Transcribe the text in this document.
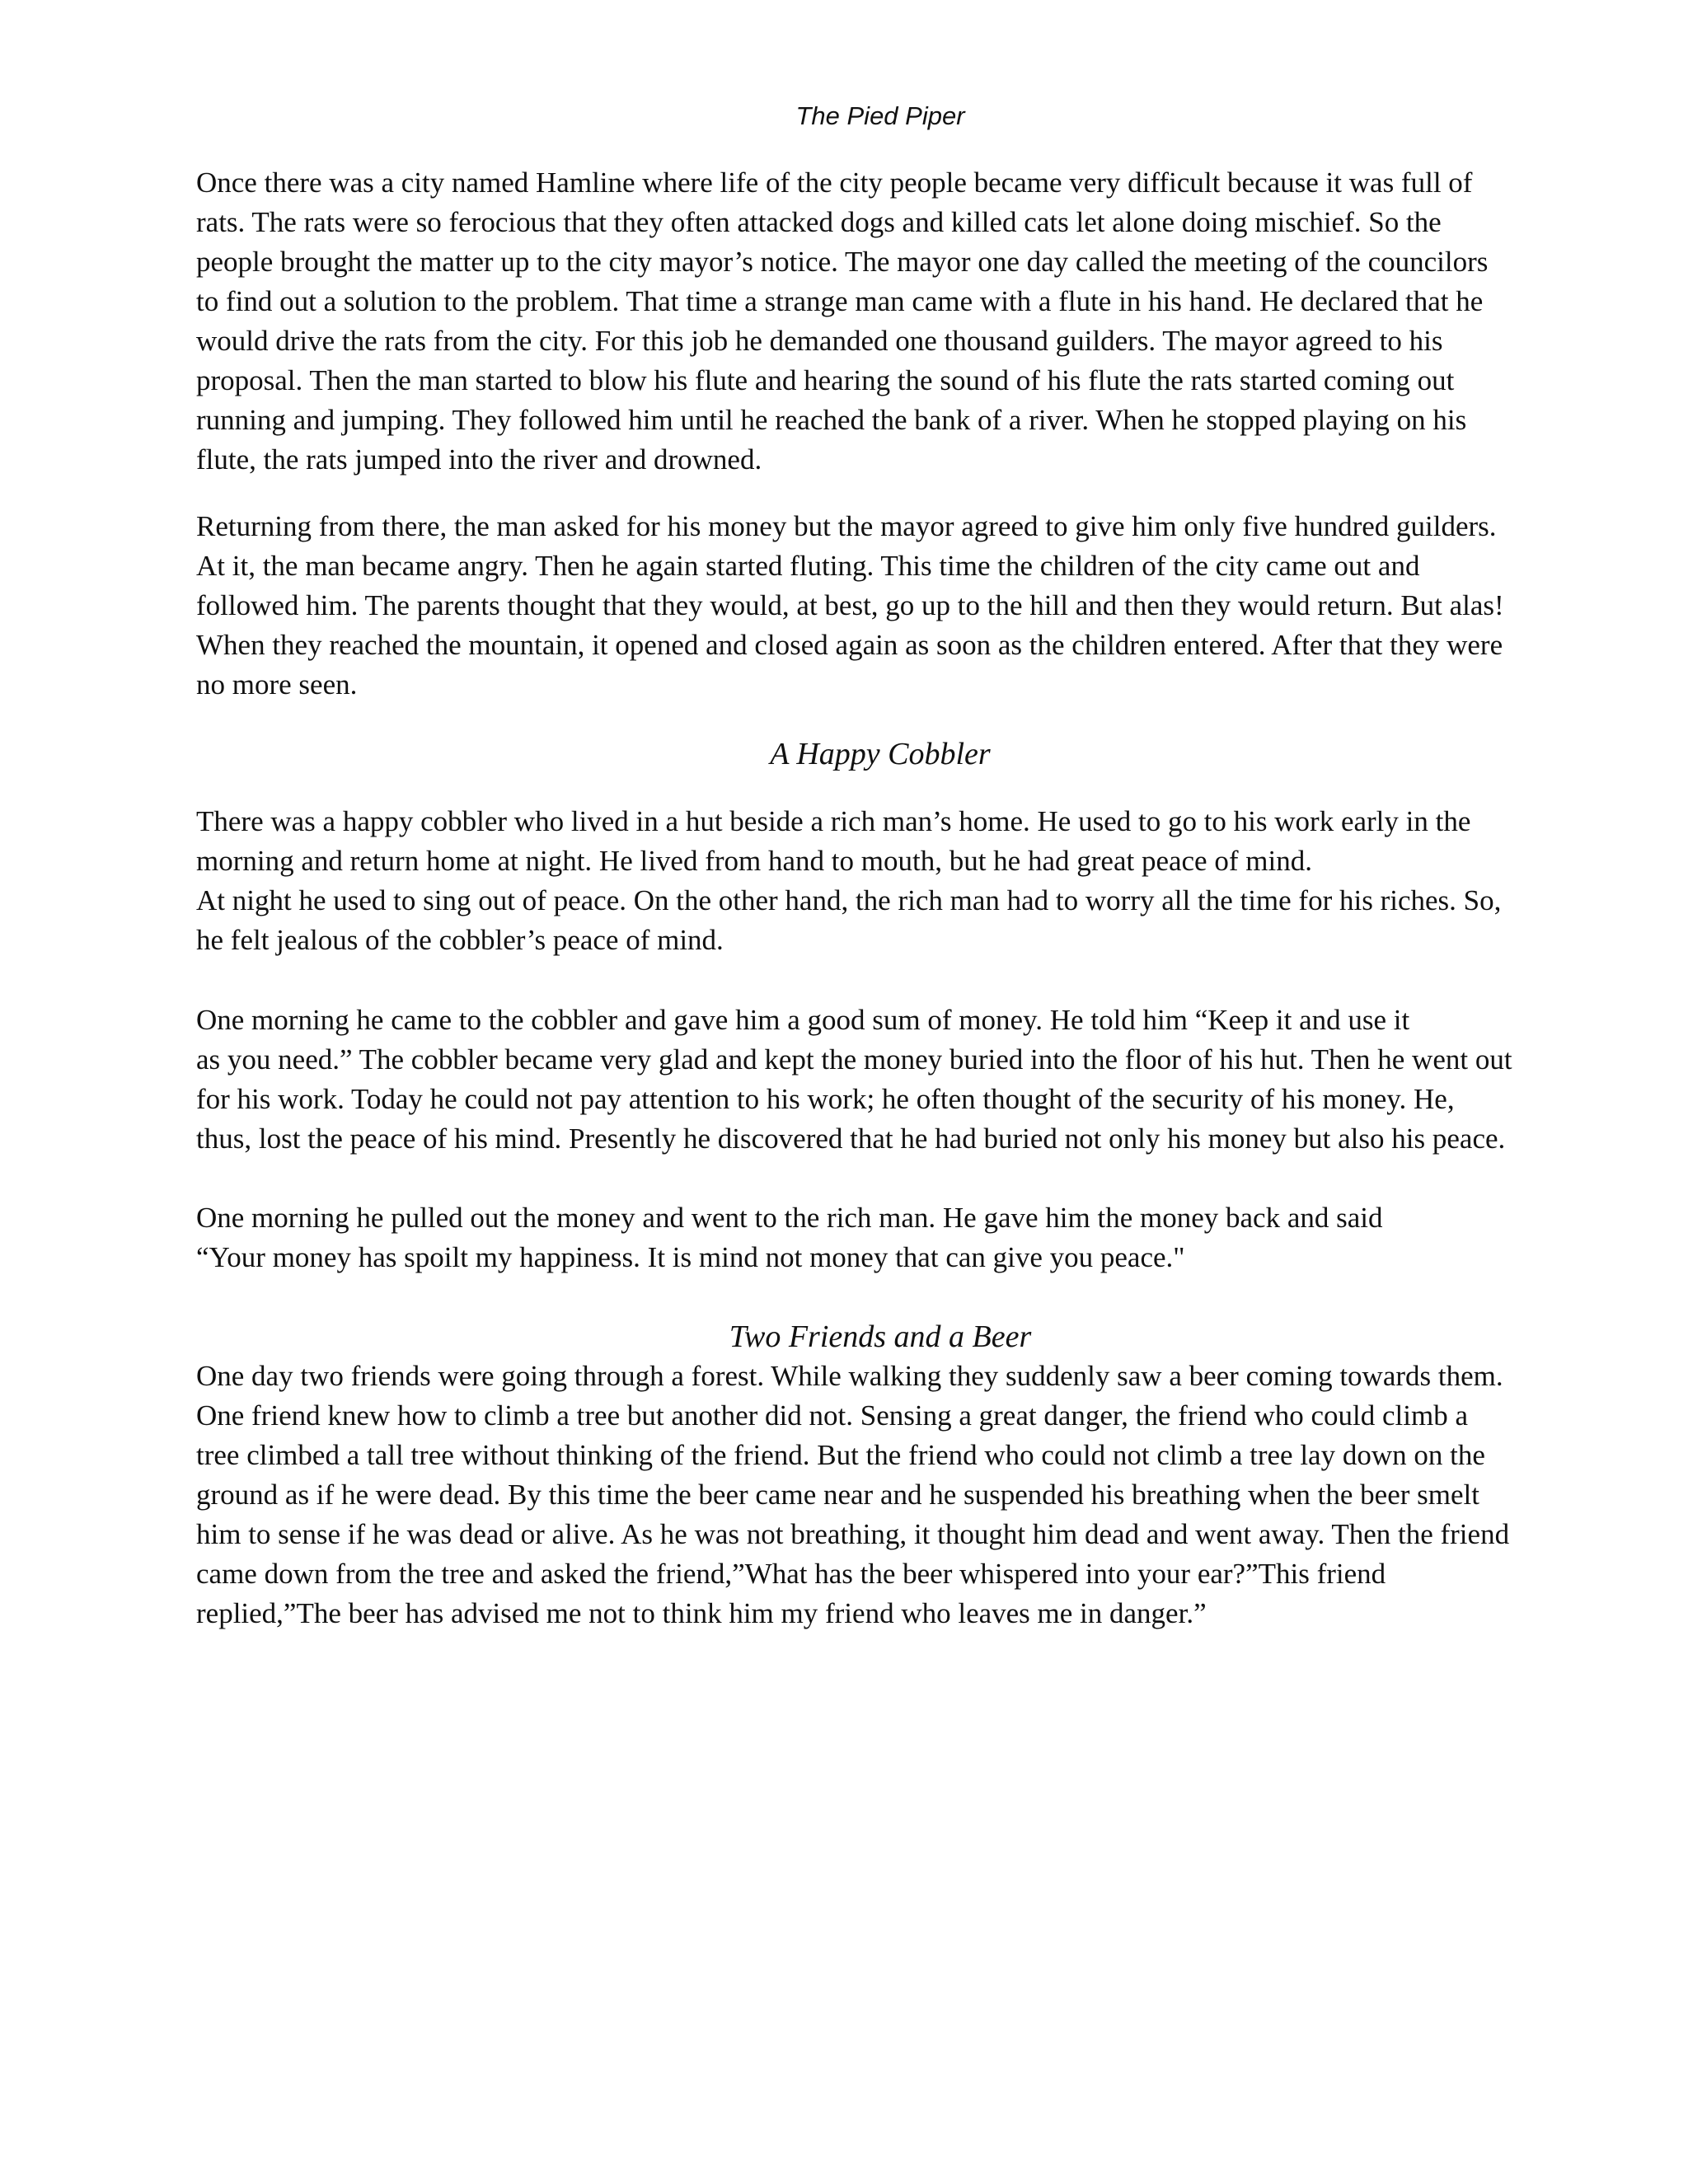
The Pied Piper
Once there was a city named Hamline where life of the city people became very difficult because it was full of
rats. The rats were so ferocious that they often attacked dogs and killed cats let alone doing mischief. So the
people brought the matter up to the city mayor’s notice. The mayor one day called the meeting of the councilors
to find out a solution to the problem. That time a strange man came with a flute in his hand. He declared that he
would drive the rats from the city. For this job he demanded one thousand guilders. The mayor agreed to his
proposal. Then the man started to blow his flute and hearing the sound of his flute the rats started coming out
running and jumping. They followed him until he reached the bank of a river. When he stopped playing on his
flute, the rats jumped into the river and drowned.
Returning from there, the man asked for his money but the mayor agreed to give him only five hundred guilders.
At it, the man became angry. Then he again started fluting. This time the children of the city came out and
followed him. The parents thought that they would, at best, go up to the hill and then they would return. But alas!
When they reached the mountain, it opened and closed again as soon as the children entered. After that they were
no more seen.
A Happy Cobbler
There was a happy cobbler who lived in a hut beside a rich man’s home. He used to go to his work early in the
morning and return home at night. He lived from hand to mouth, but he had great peace of mind.
At night he used to sing out of peace. On the other hand, the rich man had to worry all the time for his riches. So,
he felt jealous of the cobbler’s peace of mind.
One morning he came to the cobbler and gave him a good sum of money. He told him “Keep it and use it
as you need.” The cobbler became very glad and kept the money buried into the floor of his hut. Then he went out
for his work. Today he could not pay attention to his work; he often thought of the security of his money. He,
thus, lost the peace of his mind. Presently he discovered that he had buried not only his money but also his peace.
One morning he pulled out the money and went to the rich man. He gave him the money back and said
“Your money has spoilt my happiness. It is mind not money that can give you peace."
Two Friends and a Beer
One day two friends were going through a forest. While walking they suddenly saw a beer coming towards them.
One friend knew how to climb a tree but another did not. Sensing a great danger, the friend who could climb a
tree climbed a tall tree without thinking of the friend. But the friend who could not climb a tree lay down on the
ground as if he were dead. By this time the beer came near and he suspended his breathing when the beer smelt
him to sense if he was dead or alive. As he was not breathing, it thought him dead and went away. Then the friend
came down from the tree and asked the friend,”What has the beer whispered into your ear?”This friend
replied,”The beer has advised me not to think him my friend who leaves me in danger.”
